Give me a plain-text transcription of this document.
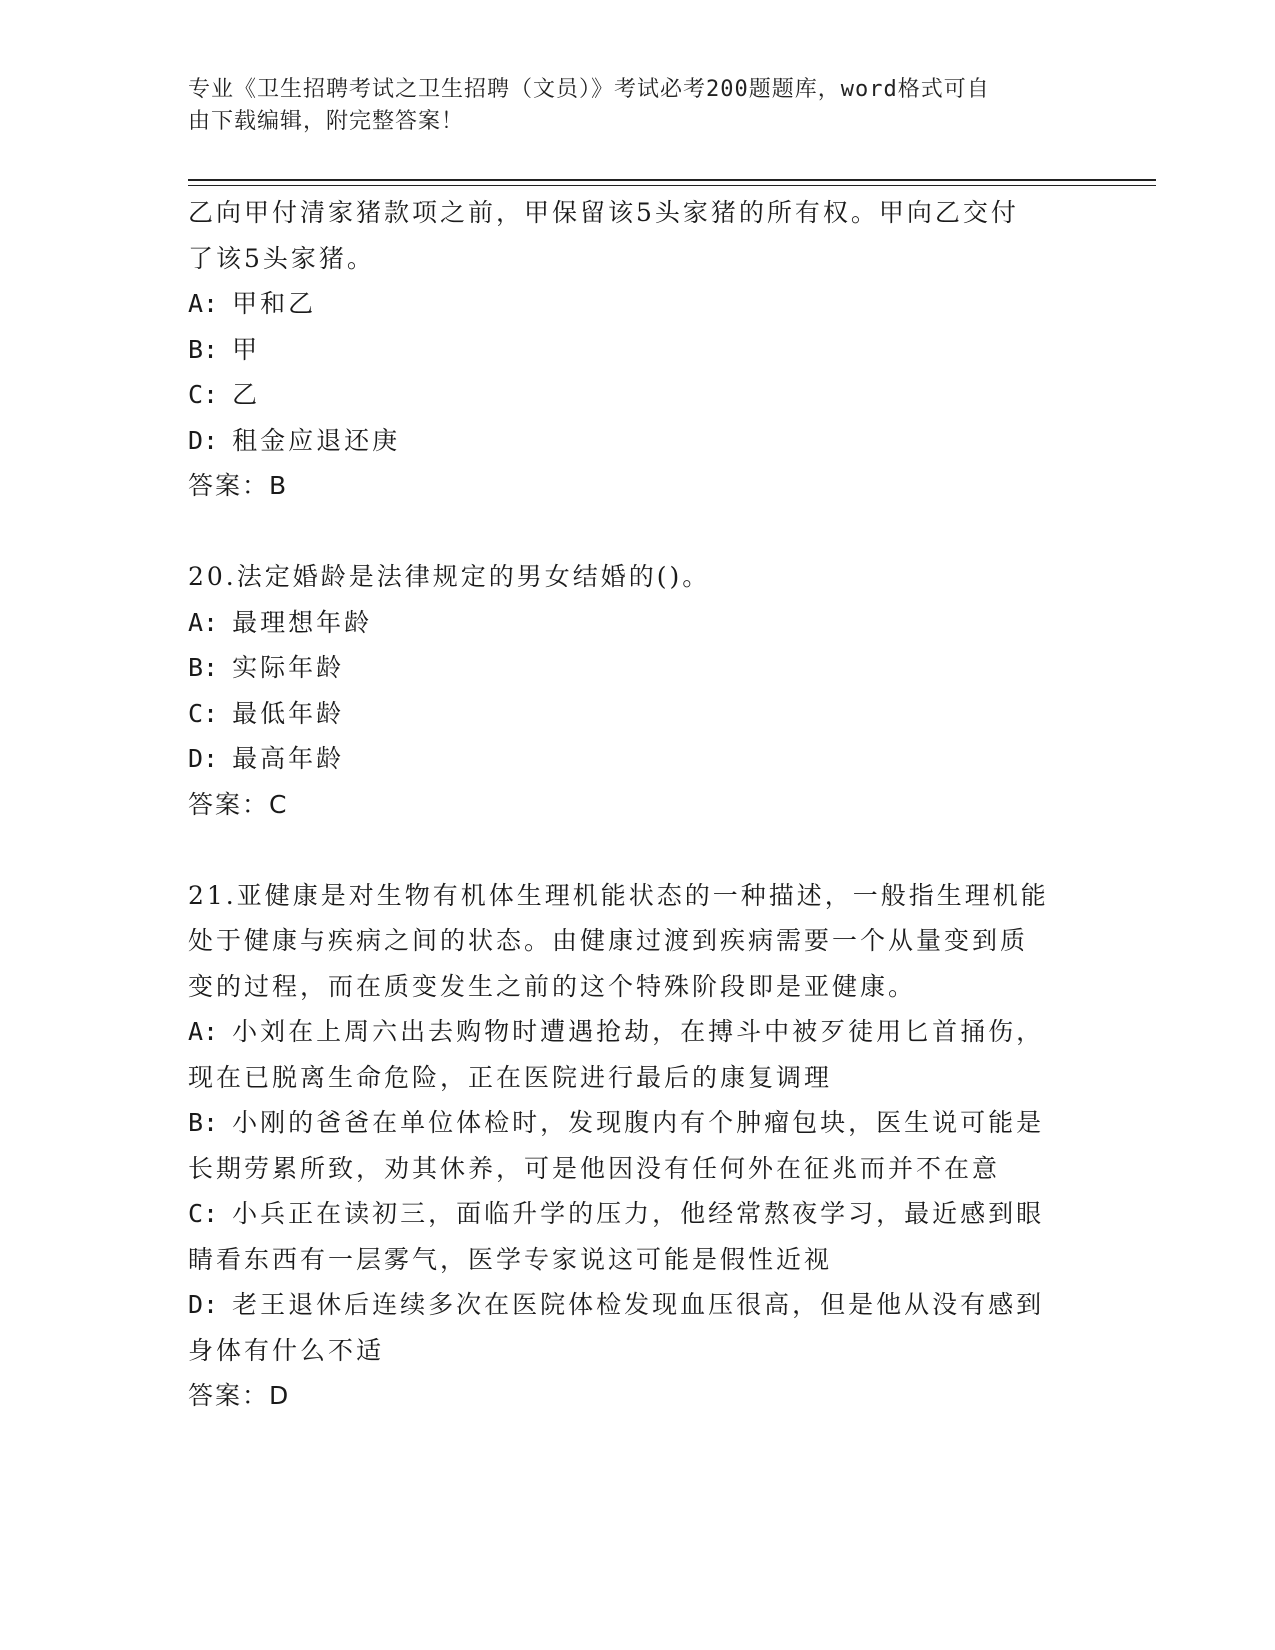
专业《卫生招聘考试之卫生招聘（文员）》考试必考200题题库，word格式可自
由下载编辑，附完整答案！
乙向甲付清家猪款项之前，甲保留该5头家猪的所有权。甲向乙交付
了该5头家猪。
A: 甲和乙
B: 甲
C: 乙
D: 租金应退还庚
答案：B
20.法定婚龄是法律规定的男女结婚的()。
A: 最理想年龄
B: 实际年龄
C: 最低年龄
D: 最高年龄
答案：C
21.亚健康是对生物有机体生理机能状态的一种描述，一般指生理机能
处于健康与疾病之间的状态。由健康过渡到疾病需要一个从量变到质
变的过程，而在质变发生之前的这个特殊阶段即是亚健康。
A: 小刘在上周六出去购物时遭遇抢劫，在搏斗中被歹徒用匕首捅伤，
现在已脱离生命危险，正在医院进行最后的康复调理
B: 小刚的爸爸在单位体检时，发现腹内有个肿瘤包块，医生说可能是
长期劳累所致，劝其休养，可是他因没有任何外在征兆而并不在意
C: 小兵正在读初三，面临升学的压力，他经常熬夜学习，最近感到眼
睛看东西有一层雾气，医学专家说这可能是假性近视
D: 老王退休后连续多次在医院体检发现血压很高，但是他从没有感到
身体有什么不适
答案：D
